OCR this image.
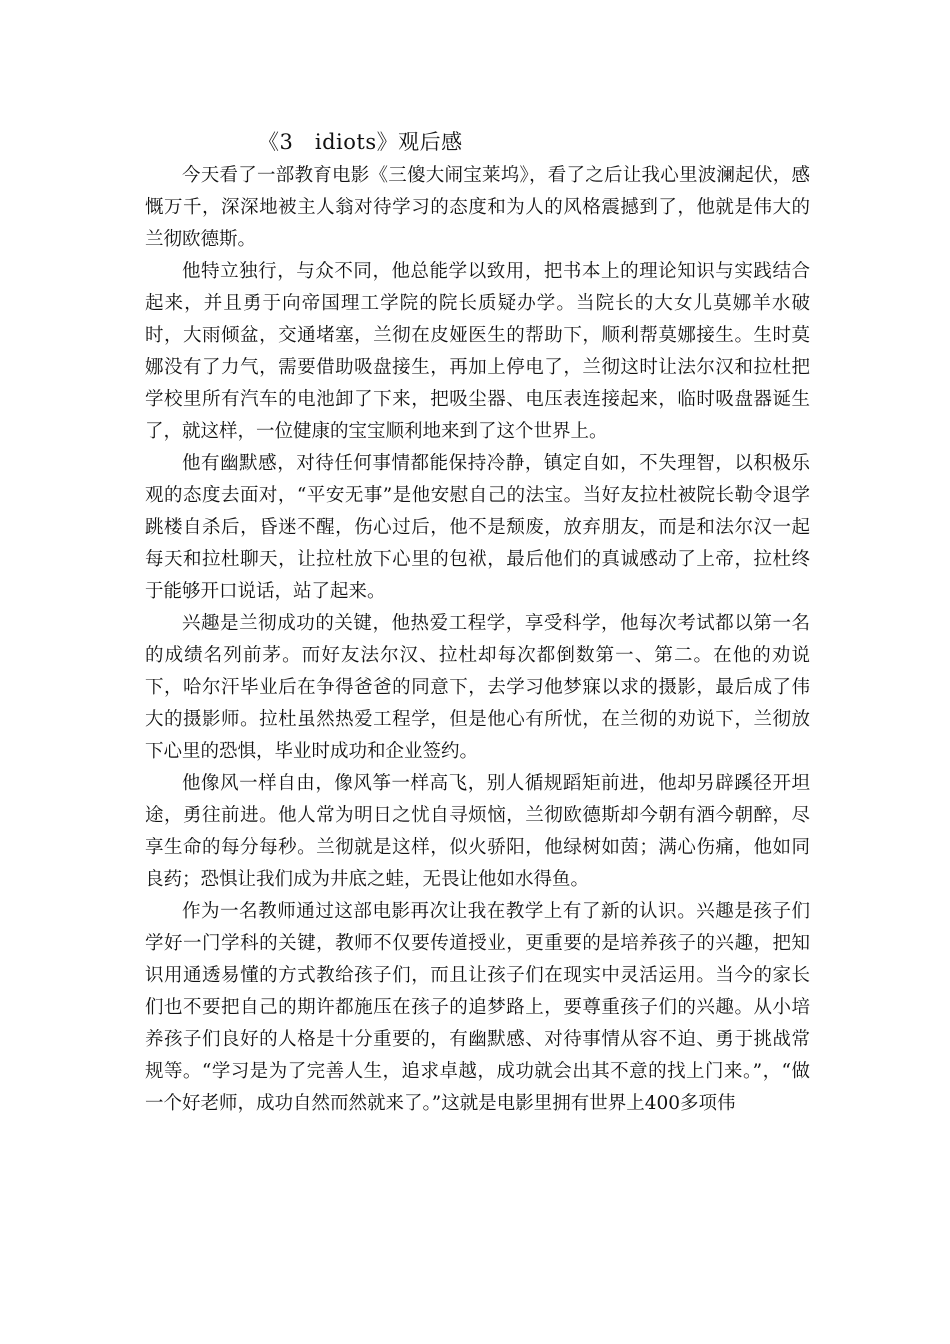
《3　idiots》观后感

今天看了一部教育电影《三傻大闹宝莱坞》，看了之后让我心里波澜起伏，感慨万千，深深地被主人翁对待学习的态度和为人的风格震撼到了，他就是伟大的兰彻欧德斯。

他特立独行，与众不同，他总能学以致用，把书本上的理论知识与实践结合起来，并且勇于向帝国理工学院的院长质疑办学。当院长的大女儿莫娜羊水破时，大雨倾盆，交通堵塞，兰彻在皮娅医生的帮助下，顺利帮莫娜接生。生时莫娜没有了力气，需要借助吸盘接生，再加上停电了，兰彻这时让法尔汉和拉杜把学校里所有汽车的电池卸了下来，把吸尘器、电压表连接起来，临时吸盘器诞生了，就这样，一位健康的宝宝顺利地来到了这个世界上。

他有幽默感，对待任何事情都能保持冷静，镇定自如，不失理智，以积极乐观的态度去面对，“平安无事”是他安慰自己的法宝。当好友拉杜被院长勒令退学跳楼自杀后，昏迷不醒，伤心过后，他不是颓废，放弃朋友，而是和法尔汉一起每天和拉杜聊天，让拉杜放下心里的包袱，最后他们的真诚感动了上帝，拉杜终于能够开口说话，站了起来。

兴趣是兰彻成功的关键，他热爱工程学，享受科学，他每次考试都以第一名的成绩名列前茅。而好友法尔汉、拉杜却每次都倒数第一、第二。在他的劝说下，哈尔汗毕业后在争得爸爸的同意下，去学习他梦寐以求的摄影，最后成了伟大的摄影师。拉杜虽然热爱工程学，但是他心有所忧，在兰彻的劝说下，兰彻放下心里的恐惧，毕业时成功和企业签约。

他像风一样自由，像风筝一样高飞，别人循规蹈矩前进，他却另辟蹊径开坦途，勇往前进。他人常为明日之忧自寻烦恼，兰彻欧德斯却今朝有酒今朝醉，尽享生命的每分每秒。兰彻就是这样，似火骄阳，他绿树如茵；满心伤痛，他如同良药；恐惧让我们成为井底之蛙，无畏让他如水得鱼。

作为一名教师通过这部电影再次让我在教学上有了新的认识。兴趣是孩子们学好一门学科的关键，教师不仅要传道授业，更重要的是培养孩子的兴趣，把知识用通透易懂的方式教给孩子们，而且让孩子们在现实中灵活运用。当今的家长们也不要把自己的期许都施压在孩子的追梦路上，要尊重孩子们的兴趣。从小培养孩子们良好的人格是十分重要的，有幽默感、对待事情从容不迫、勇于挑战常规等。“学习是为了完善人生，追求卓越，成功就会出其不意的找上门来。”，“做一个好老师，成功自然而然就来了。”这就是电影里拥有世界上400多项伟
